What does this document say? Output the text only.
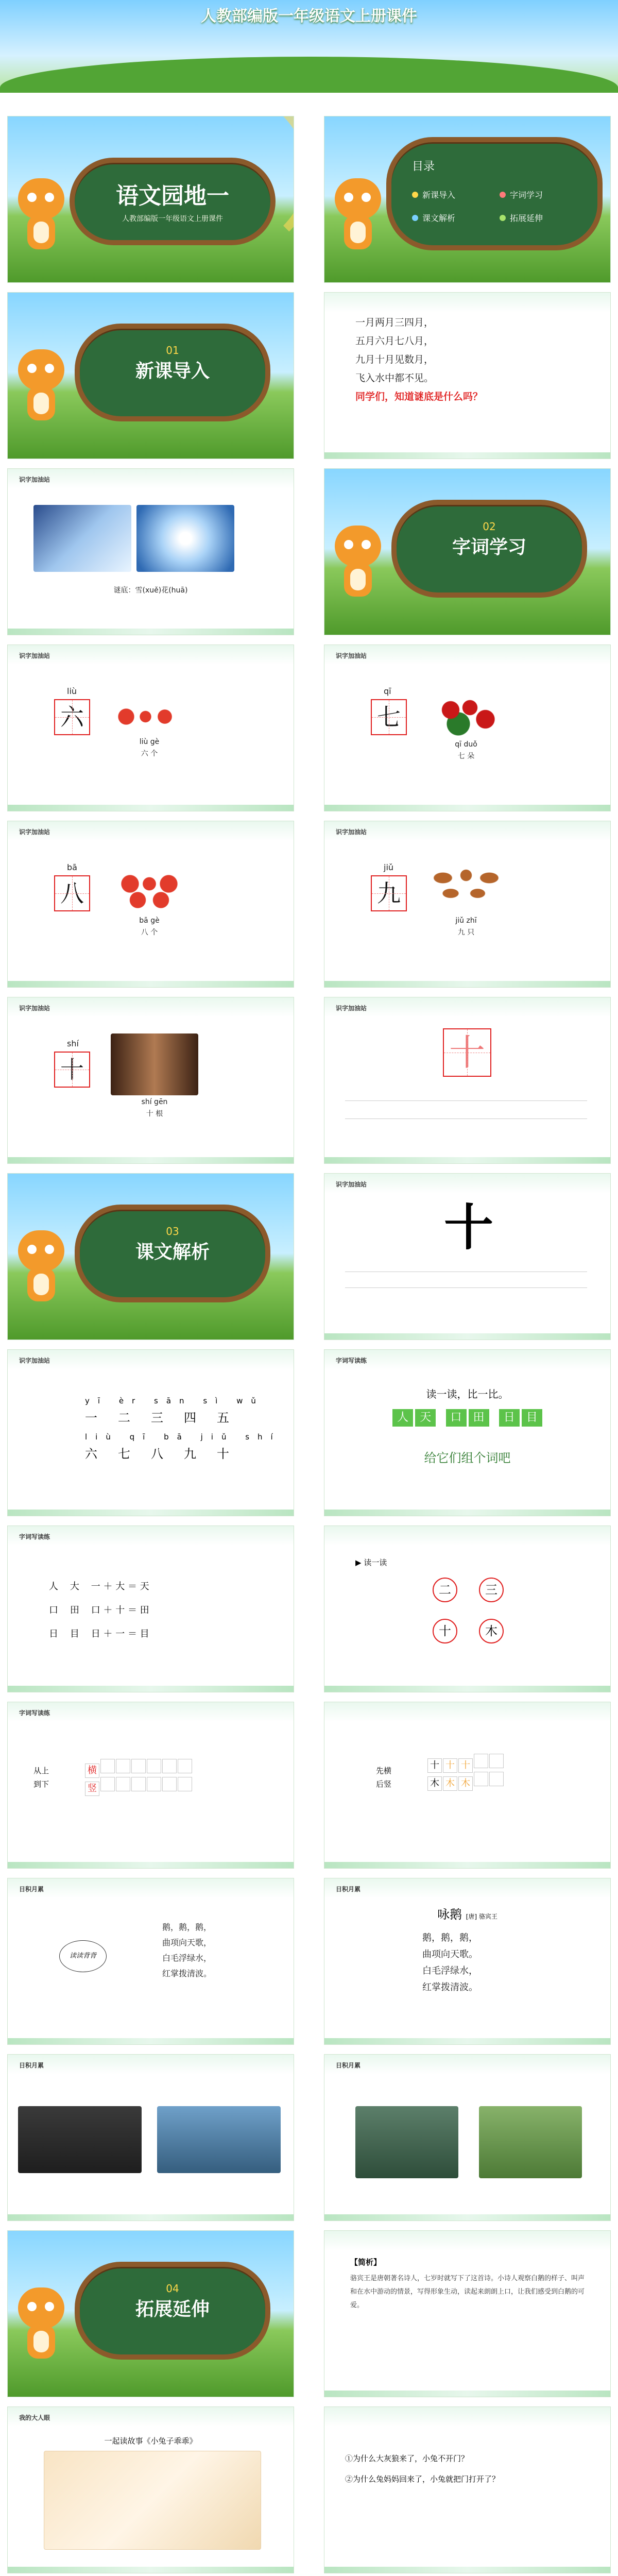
人教部编版一年级语文上册课件
语文园地一
人教部编版一年级语文上册课件
目录
新课导入	字词学习
课文解析	拓展延伸
01
新课导入
一月两月三四月，
五月六月七八月，
九月十月见数月，
飞入水中都不见。
同学们，知道谜底是什么吗？
识字加油站
谜底：雪(xuě)花(huā)
02
字词学习
识字加油站
liù
六
liù gè
六 个
识字加油站
qī
七
qī duǒ
七 朵
识字加油站
bā
八
bā gè
八 个
识字加油站
jiǔ
九
jiǔ zhī
九 只
识字加油站
shí
十
shí gēn
十 根
识字加油站
十
03
课文解析
识字加油站
十
识字加油站
yī èr sān sì wǔ
一二三四五
liù qī bā jiǔ shí
六七八九十
字词写读练
读一读，比一比。
人 天 口 田 日 目
给它们组个词吧
字词写读练
人 大 一 ＋ 大 ＝ 天
口 田 口 ＋ 十 ＝ 田
日 目 日 ＋ 一 ＝ 目
▶ 读一读
二	三
十	木
字词写读练
从上
到下
横
竖
先横
后竖
十 十 十
木 木 木
日积月累
读读背背
鹅，鹅，鹅，
曲项向天歌，
白毛浮绿水，
红掌拨清波。
日积月累
咏鹅 [唐] 骆宾王
鹅，鹅，鹅，
曲项向天歌。
白毛浮绿水，
红掌拨清波。
日积月累	日积月累
04
拓展延伸
【简析】
骆宾王是唐朝著名诗人，七岁时就写下了这首诗。小诗人观察白鹅的样子、叫声和在水中游动的情景，写得形象生动，读起来朗朗上口，让我们感受到白鹅的可爱。
我的大人眼
一起读故事《小兔子乖乖》
①为什么大灰狼来了，小兔不开门？
②为什么兔妈妈回来了，小兔就把门打开了？
